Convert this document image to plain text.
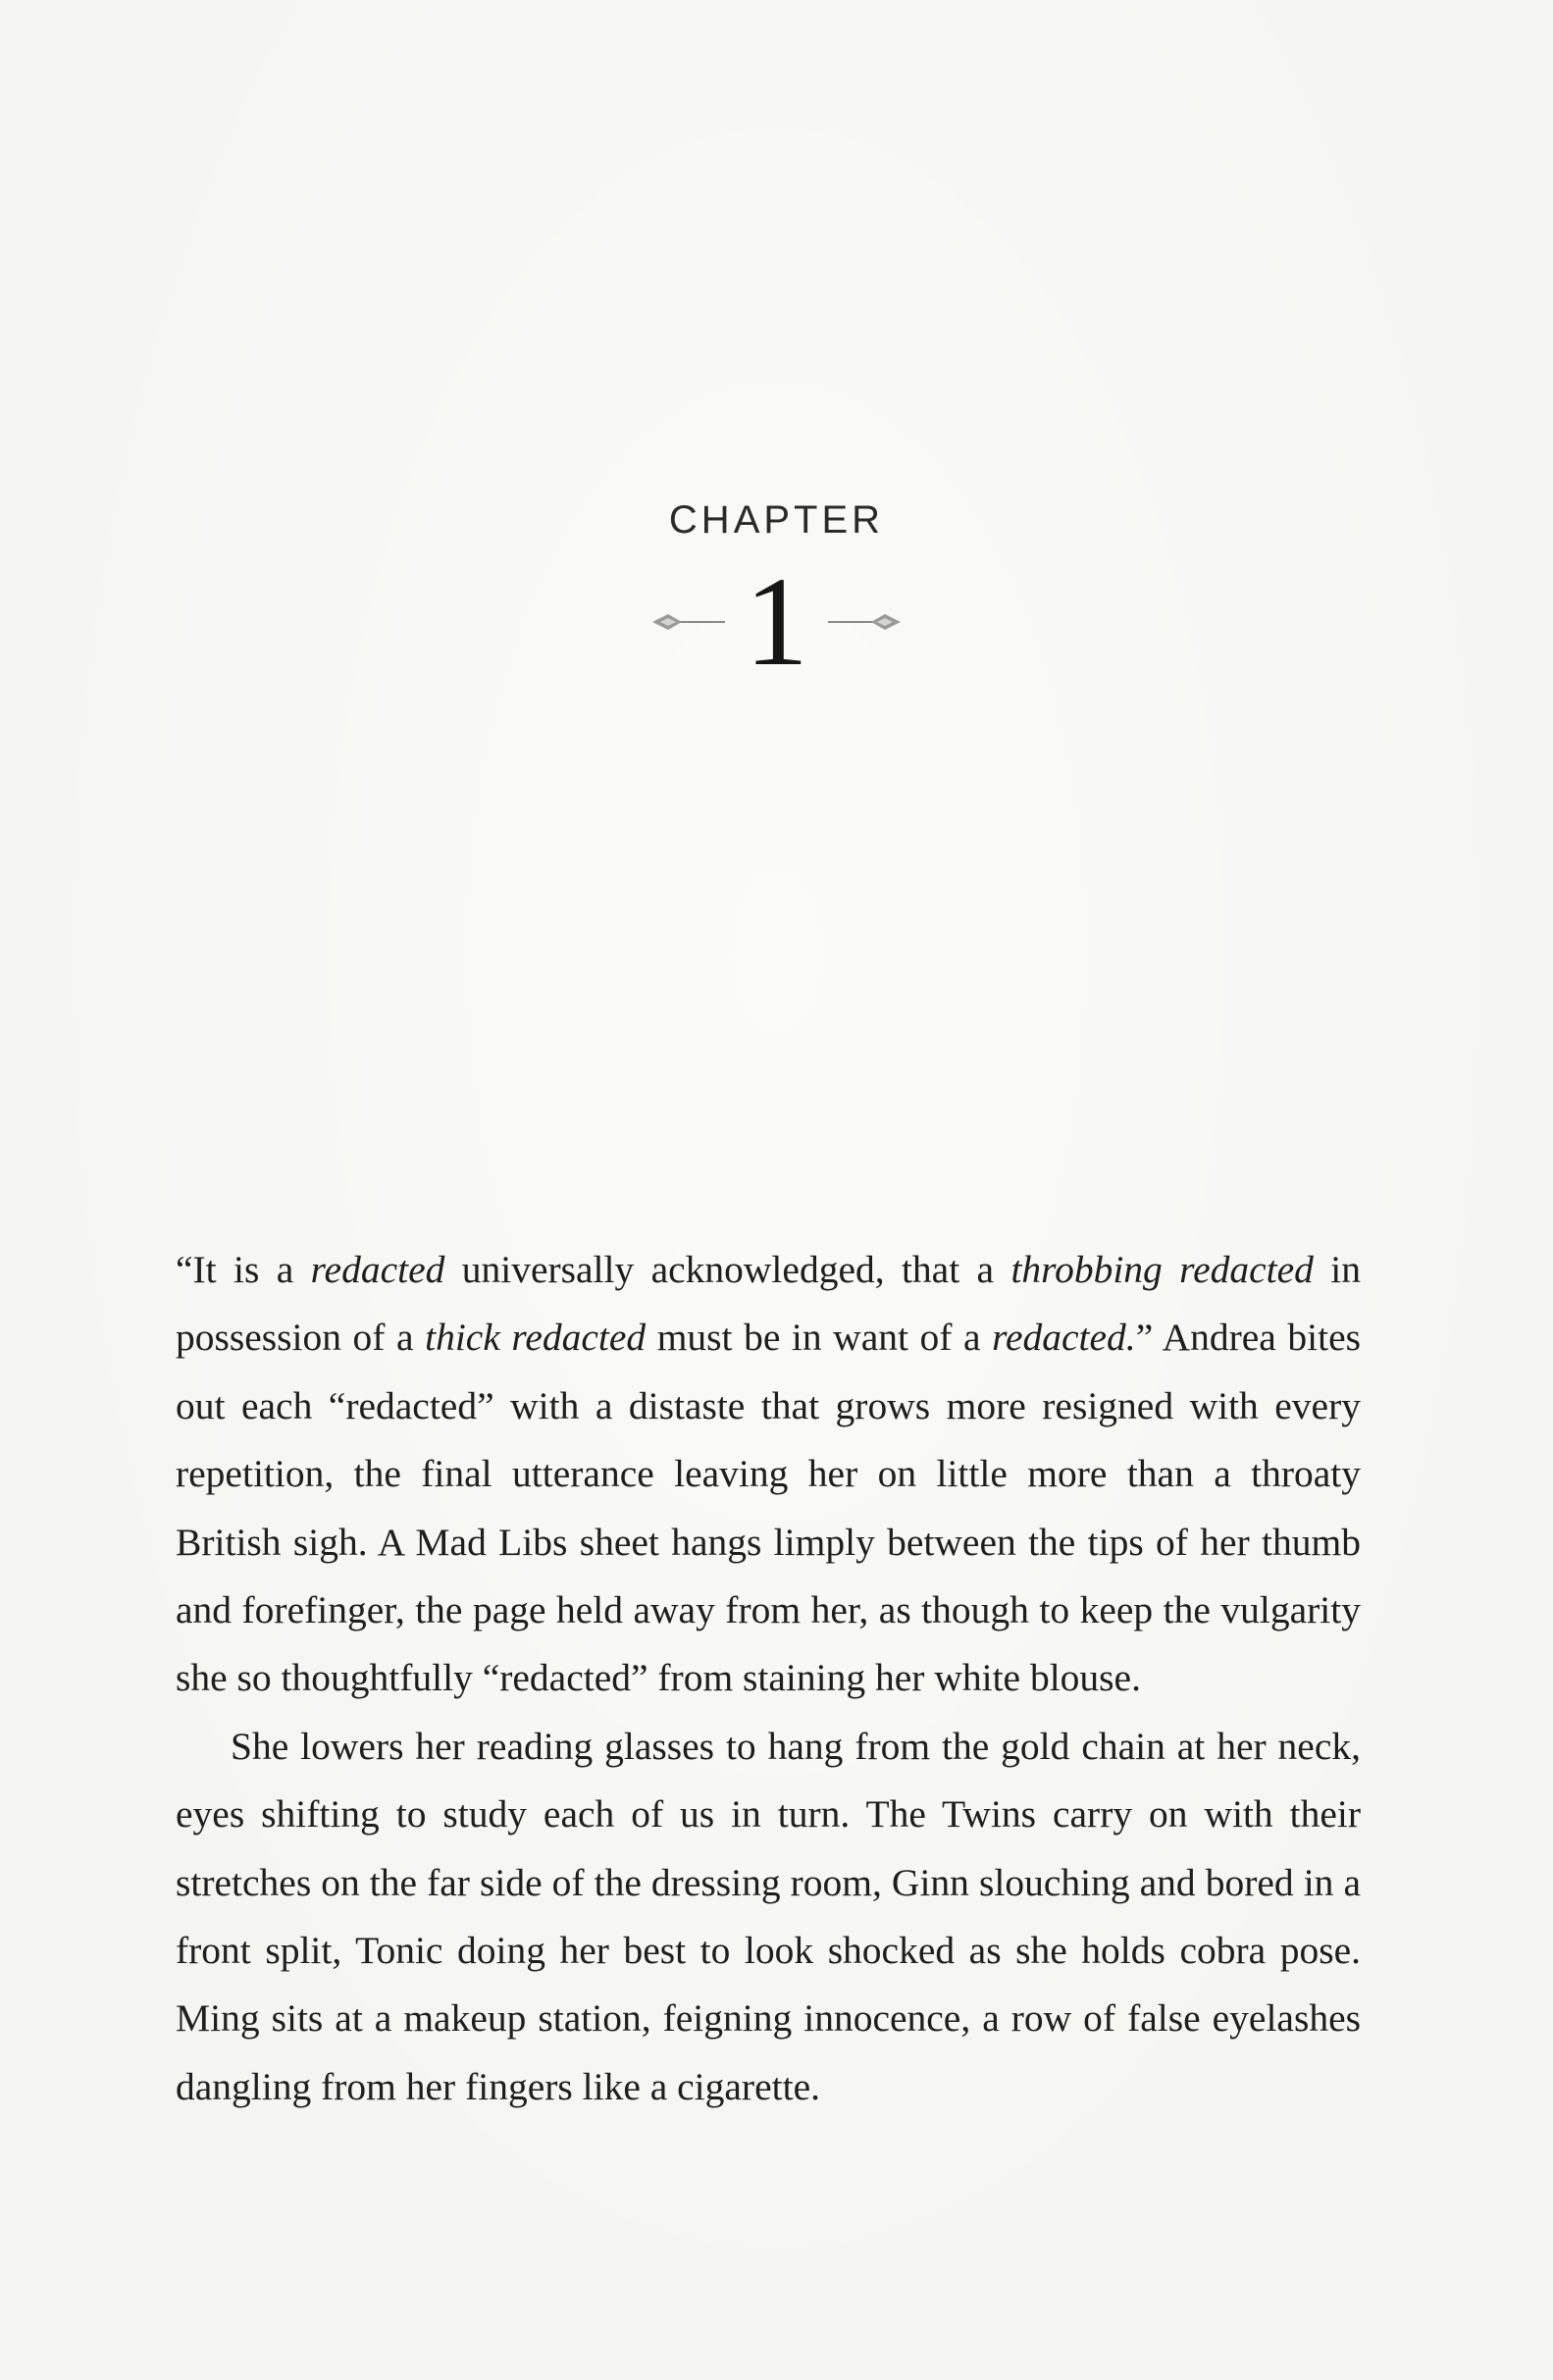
CHAPTER
1

“It is a redacted universally acknowledged, that a throbbing redacted in possession of a thick redacted must be in want of a redacted.” Andrea bites out each “redacted” with a distaste that grows more resigned with every repetition, the final utterance leaving her on little more than a throaty British sigh. A Mad Libs sheet hangs limply between the tips of her thumb and forefinger, the page held away from her, as though to keep the vulgarity she so thoughtfully “redacted” from staining her white blouse.

She lowers her reading glasses to hang from the gold chain at her neck, eyes shifting to study each of us in turn. The Twins carry on with their stretches on the far side of the dressing room, Ginn slouching and bored in a front split, Tonic doing her best to look shocked as she holds cobra pose. Ming sits at a makeup station, feigning innocence, a row of false eyelashes dangling from her fingers like a cigarette.
